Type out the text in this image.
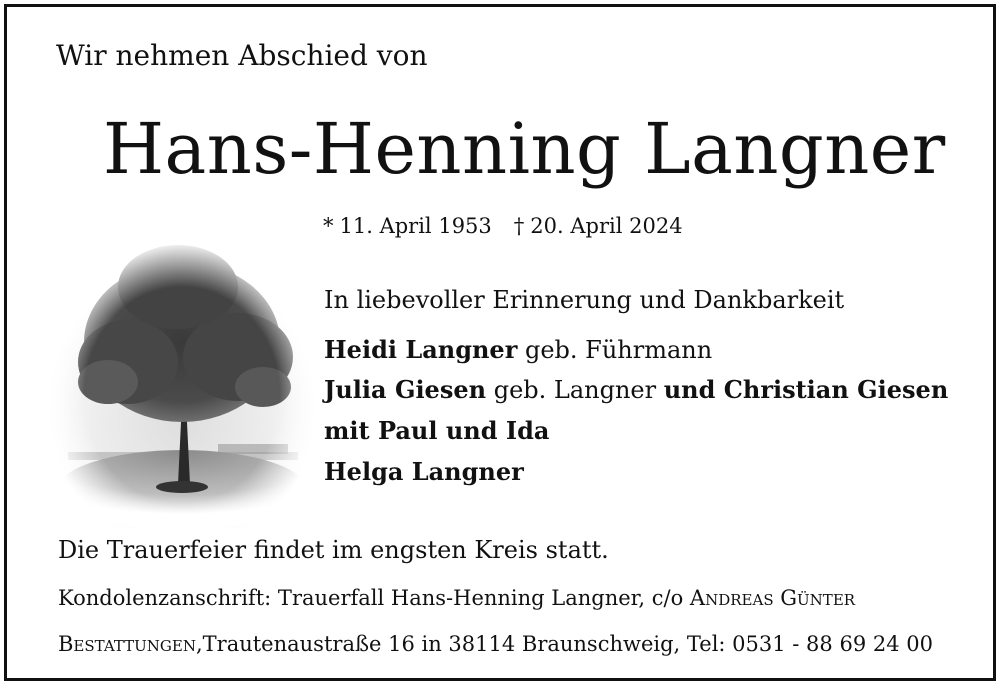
Wir nehmen Abschied von
Hans-Henning Langner
* 11. April 1953 † 20. April 2024
In liebevoller Erinnerung und Dankbarkeit
Heidi Langner geb. Führmann
Julia Giesen geb. Langner und Christian Giesen
mit Paul und Ida
Helga Langner
Die Trauerfeier findet im engsten Kreis statt.
Kondolenzanschrift: Trauerfall Hans-Henning Langner, c/o Andreas Günter
Bestattungen,Trautenaustraße 16 in 38114 Braunschweig, Tel: 0531 - 88 69 24 00
